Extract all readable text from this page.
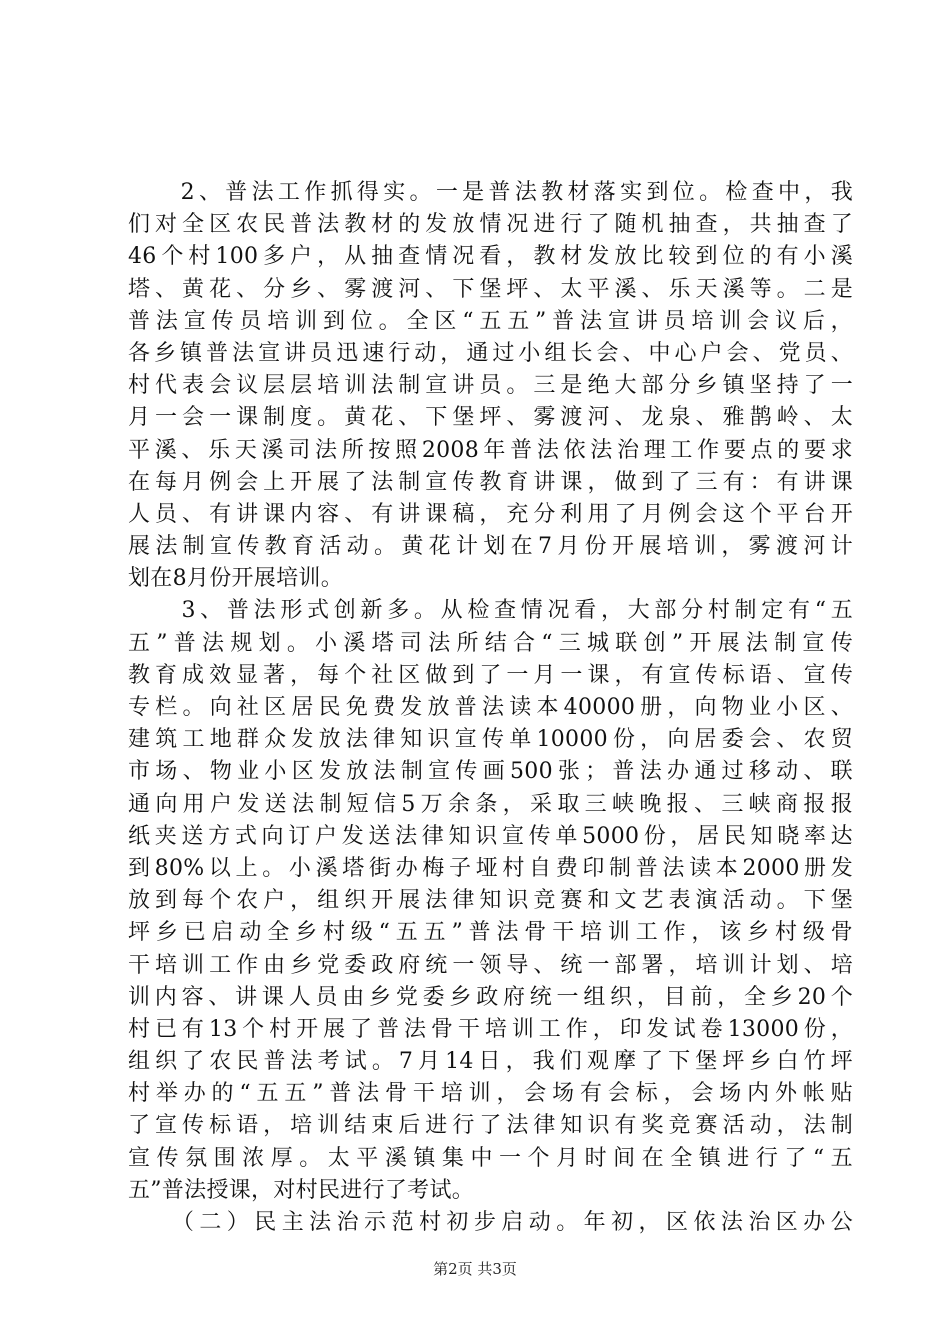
　　2、普法工作抓得实。一是普法教材落实到位。检查中，我
们对全区农民普法教材的发放情况进行了随机抽查，共抽查了
46个村100多户，从抽查情况看，教材发放比较到位的有小溪
塔、黄花、分乡、雾渡河、下堡坪、太平溪、乐天溪等。二是
普法宣传员培训到位。全区“五五”普法宣讲员培训会议后，
各乡镇普法宣讲员迅速行动，通过小组长会、中心户会、党员、
村代表会议层层培训法制宣讲员。三是绝大部分乡镇坚持了一
月一会一课制度。黄花、下堡坪、雾渡河、龙泉、雅鹊岭、太
平溪、乐天溪司法所按照2008年普法依法治理工作要点的要求
在每月例会上开展了法制宣传教育讲课，做到了三有：有讲课
人员、有讲课内容、有讲课稿，充分利用了月例会这个平台开
展法制宣传教育活动。黄花计划在7月份开展培训，雾渡河计
划在8月份开展培训。
　　3、普法形式创新多。从检查情况看，大部分村制定有“五
五”普法规划。小溪塔司法所结合“三城联创”开展法制宣传
教育成效显著，每个社区做到了一月一课，有宣传标语、宣传
专栏。向社区居民免费发放普法读本40000册，向物业小区、
建筑工地群众发放法律知识宣传单10000份，向居委会、农贸
市场、物业小区发放法制宣传画500张；普法办通过移动、联
通向用户发送法制短信5万余条，采取三峡晚报、三峡商报报
纸夹送方式向订户发送法律知识宣传单5000份，居民知晓率达
到80%以上。小溪塔街办梅子垭村自费印制普法读本2000册发
放到每个农户，组织开展法律知识竞赛和文艺表演活动。下堡
坪乡已启动全乡村级“五五”普法骨干培训工作，该乡村级骨
干培训工作由乡党委政府统一领导、统一部署，培训计划、培
训内容、讲课人员由乡党委乡政府统一组织，目前，全乡20个
村已有13个村开展了普法骨干培训工作，印发试卷13000份，
组织了农民普法考试。7月14日，我们观摩了下堡坪乡白竹坪
村举办的“五五”普法骨干培训，会场有会标，会场内外帐贴
了宣传标语，培训结束后进行了法律知识有奖竞赛活动，法制
宣传氛围浓厚。太平溪镇集中一个月时间在全镇进行了“五
五”普法授课，对村民进行了考试。
　　（二）民主法治示范村初步启动。年初，区依法治区办公
第2页 共3页
